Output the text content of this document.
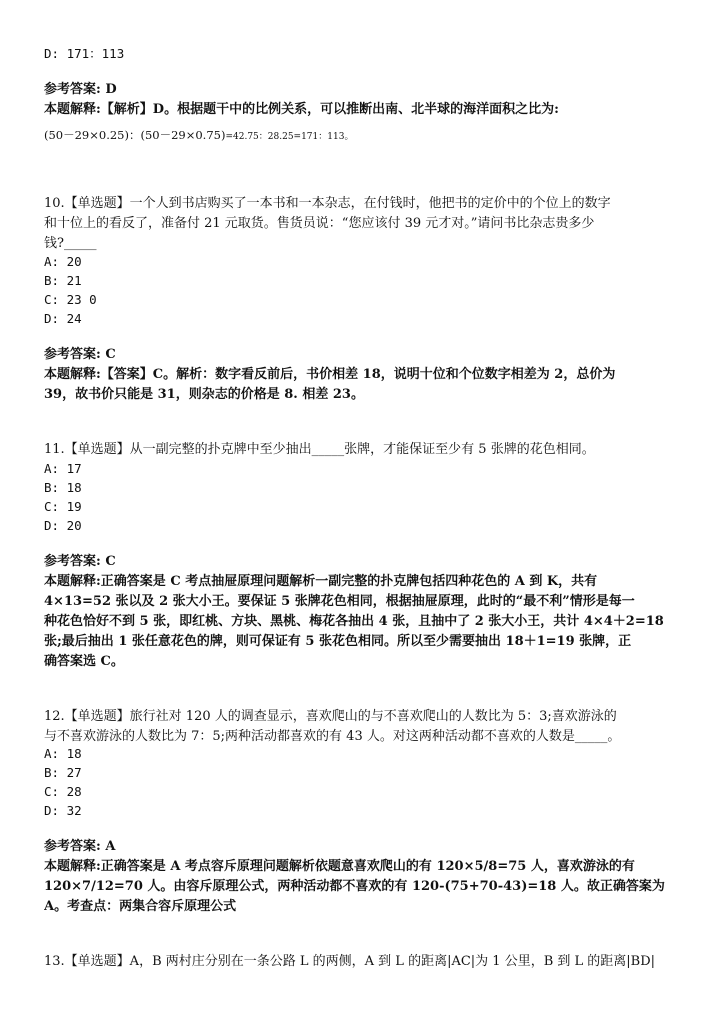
D: 171：113
参考答案: D
本题解释:【解析】D。根据题干中的比例关系，可以推断出南、北半球的海洋面积之比为:
(50－29×0.25)：(50－29×0.75)=42.75：28.25=171：113。
10.【单选题】一个人到书店购买了一本书和一本杂志，在付钱时，他把书的定价中的个位上的数字
和十位上的看反了，准备付 21 元取货。售货员说：“您应该付 39 元才对。”请问书比杂志贵多少
钱?_____
A: 20
B: 21
C: 23 0
D: 24
参考答案: C
本题解释:【答案】C。解析：数字看反前后，书价相差 18，说明十位和个位数字相差为 2，总价为
39，故书价只能是 31，则杂志的价格是 8. 相差 23。
11.【单选题】从一副完整的扑克牌中至少抽出_____张牌，才能保证至少有 5 张牌的花色相同。
A: 17
B: 18
C: 19
D: 20
参考答案: C
本题解释:正确答案是 C 考点抽屉原理问题解析一副完整的扑克牌包括四种花色的 A 到 K，共有
4×13=52 张以及 2 张大小王。要保证 5 张牌花色相同，根据抽屉原理，此时的“最不利”情形是每一
种花色恰好不到 5 张，即红桃、方块、黑桃、梅花各抽出 4 张，且抽中了 2 张大小王，共计 4×4＋2=18
张;最后抽出 1 张任意花色的牌，则可保证有 5 张花色相同。所以至少需要抽出 18＋1=19 张牌，正
确答案选 C。
12.【单选题】旅行社对 120 人的调查显示，喜欢爬山的与不喜欢爬山的人数比为 5：3;喜欢游泳的
与不喜欢游泳的人数比为 7：5;两种活动都喜欢的有 43 人。对这两种活动都不喜欢的人数是_____。
A: 18
B: 27
C: 28
D: 32
参考答案: A
本题解释:正确答案是 A 考点容斥原理问题解析依题意喜欢爬山的有 120×5/8=75 人，喜欢游泳的有
120×7/12=70 人。由容斥原理公式，两种活动都不喜欢的有 120-(75+70-43)=18 人。故正确答案为
A。考查点：两集合容斥原理公式
13.【单选题】A，B 两村庄分别在一条公路 L 的两侧，A 到 L 的距离|AC|为 1 公里，B 到 L 的距离|BD|
